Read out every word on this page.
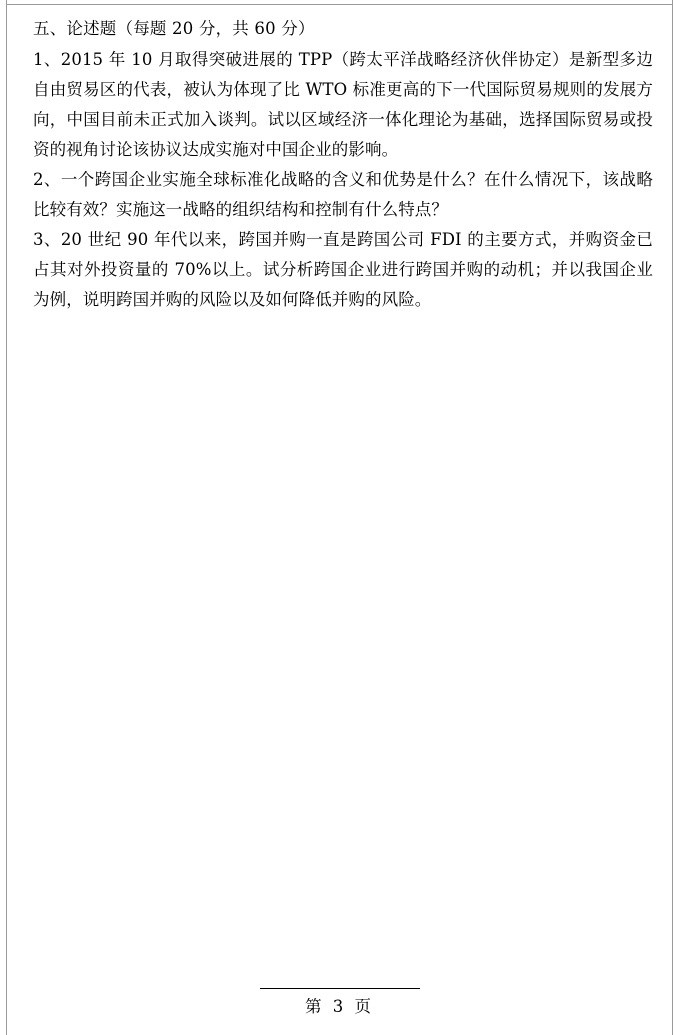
五、论述题（每题 20 分，共 60 分）
1、2015 年 10 月取得突破进展的 TPP（跨太平洋战略经济伙伴协定）是新型多边自由贸易区的代表，被认为体现了比 WTO 标准更高的下一代国际贸易规则的发展方向，中国目前未正式加入谈判。试以区域经济一体化理论为基础，选择国际贸易或投资的视角讨论该协议达成实施对中国企业的影响。
2、一个跨国企业实施全球标准化战略的含义和优势是什么？在什么情况下，该战略比较有效？实施这一战略的组织结构和控制有什么特点？
3、20 世纪 90 年代以来，跨国并购一直是跨国公司 FDI 的主要方式，并购资金已占其对外投资量的 70%以上。试分析跨国企业进行跨国并购的动机；并以我国企业为例，说明跨国并购的风险以及如何降低并购的风险。
第 3 页
